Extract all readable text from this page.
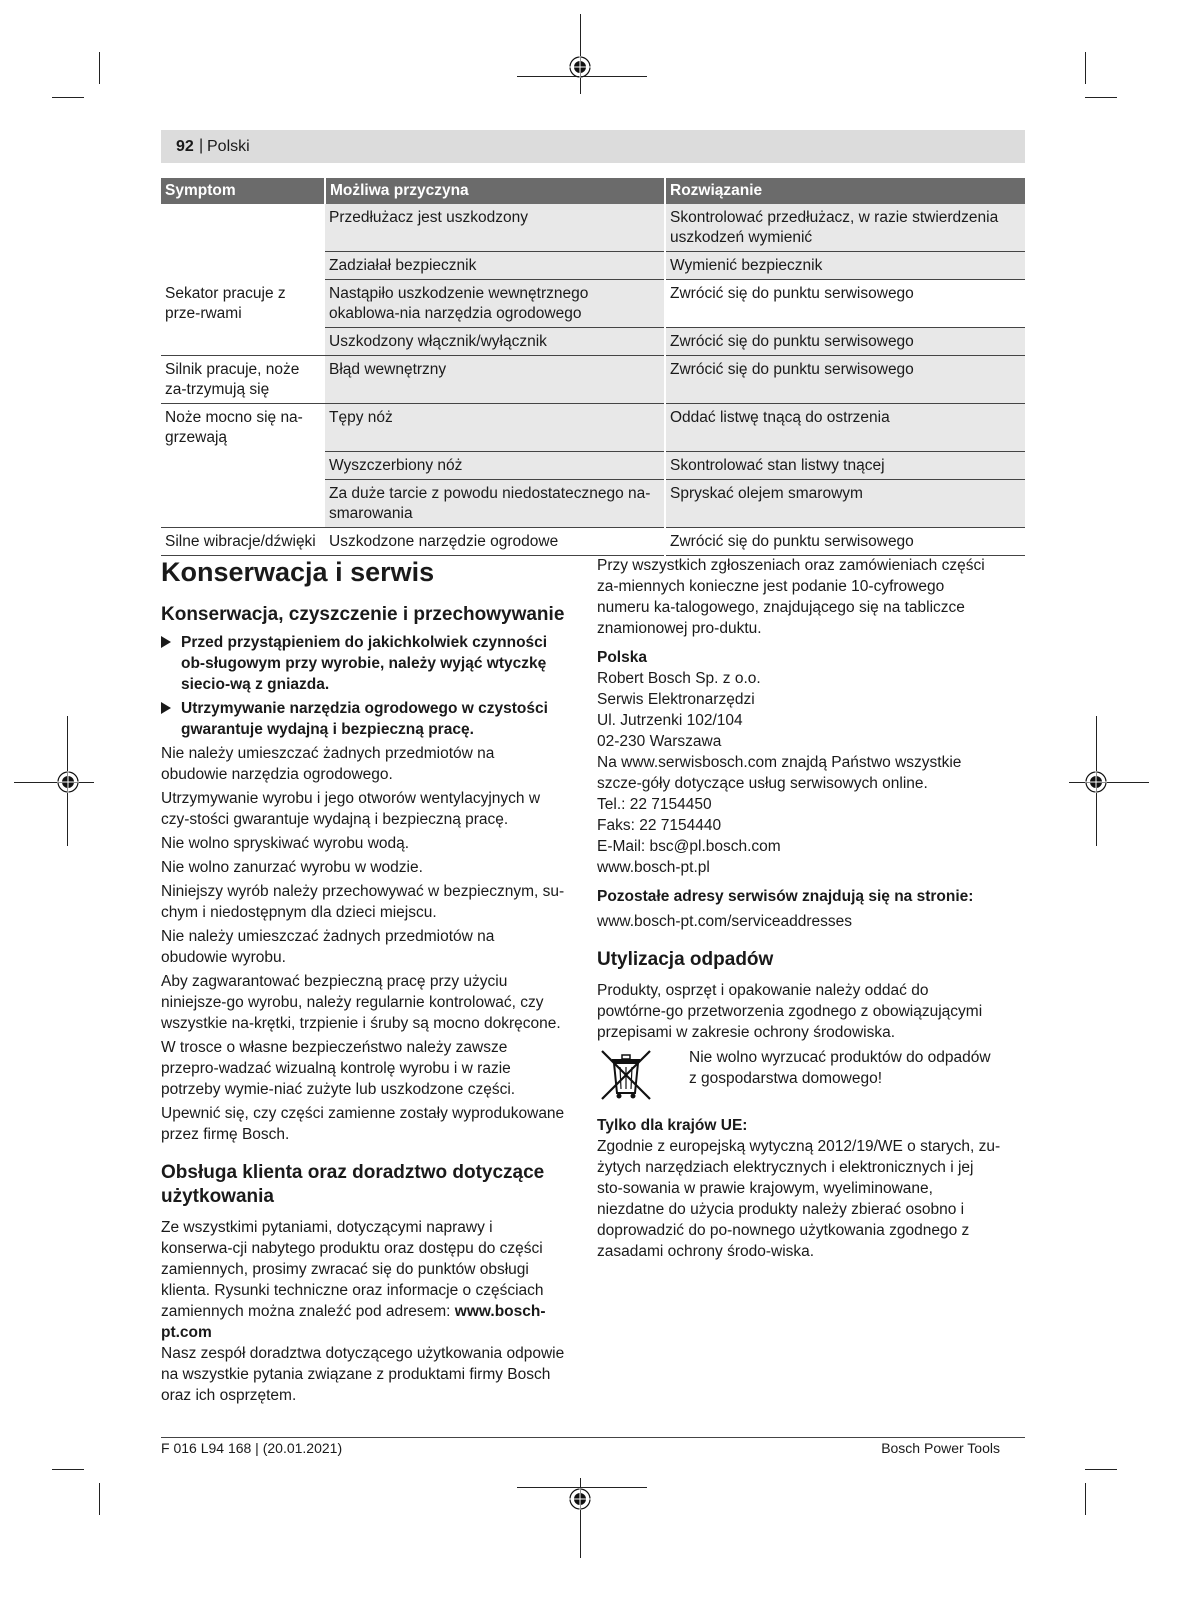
92 | Polski
Symptom	Możliwa przyczyna	Rozwiązanie
	Przedłużacz jest uszkodzony	Skontrolować przedłużacz, w razie stwierdzenia uszkodzeń wymienić
	Zadziałał bezpiecznik	Wymienić bezpiecznik
Sekator pracuje z prze-rwami	Nastąpiło uszkodzenie wewnętrznego okablowa-nia narzędzia ogrodowego	Zwrócić się do punktu serwisowego
	Uszkodzony włącznik/wyłącznik	Zwrócić się do punktu serwisowego
Silnik pracuje, noże za-trzymują się	Błąd wewnętrzny	Zwrócić się do punktu serwisowego
Noże mocno się na-grzewają	Tępy nóż	Oddać listwę tnącą do ostrzenia
	Wyszczerbiony nóż	Skontrolować stan listwy tnącej
	Za duże tarcie z powodu niedostatecznego na-smarowania	Spryskać olejem smarowym
Silne wibracje/dźwięki	Uszkodzone narzędzie ogrodowe	Zwrócić się do punktu serwisowego
Konserwacja i serwis
Konserwacja, czyszczenie i przechowywanie
Przed przystąpieniem do jakichkolwiek czynności ob-sługowym przy wyrobie, należy wyjąć wtyczkę siecio-wą z gniazda.
Utrzymywanie narzędzia ogrodowego w czystości gwarantuje wydajną i bezpieczną pracę.

Nie należy umieszczać żadnych przedmiotów na obudowie narzędzia ogrodowego.

Utrzymywanie wyrobu i jego otworów wentylacyjnych w czy-stości gwarantuje wydajną i bezpieczną pracę.

Nie wolno spryskiwać wyrobu wodą.

Nie wolno zanurzać wyrobu w wodzie.

Niniejszy wyrób należy przechowywać w bezpiecznym, su-chym i niedostępnym dla dzieci miejscu.

Nie należy umieszczać żadnych przedmiotów na obudowie wyrobu.

Aby zagwarantować bezpieczną pracę przy użyciu niniejsze-go wyrobu, należy regularnie kontrolować, czy wszystkie na-krętki, trzpienie i śruby są mocno dokręcone.

W trosce o własne bezpieczeństwo należy zawsze przepro-wadzać wizualną kontrolę wyrobu i w razie potrzeby wymie-niać zużyte lub uszkodzone części.

Upewnić się, czy części zamienne zostały wyprodukowane przez firmę Bosch.

Obsługa klienta oraz doradztwo dotyczące użytkowania

Ze wszystkimi pytaniami, dotyczącymi naprawy i konserwa-cji nabytego produktu oraz dostępu do części zamiennych, prosimy zwracać się do punktów obsługi klienta. Rysunki techniczne oraz informacje o częściach zamiennych można znaleźć pod adresem: www.bosch-pt.com

Nasz zespół doradztwa dotyczącego użytkowania odpowie na wszystkie pytania związane z produktami firmy Bosch oraz ich osprzętem.

Przy wszystkich zgłoszeniach oraz zamówieniach części za-miennych konieczne jest podanie 10-cyfrowego numeru ka-talogowego, znajdującego się na tabliczce znamionowej pro-duktu.

Polska
Robert Bosch Sp. z o.o.
Serwis Elektronarzędzi
Ul. Jutrzenki 102/104
02-230 Warszawa
Na www.serwisbosch.com znajdą Państwo wszystkie szcze-góły dotyczące usług serwisowych online.
Tel.: 22 7154450
Faks: 22 7154440
E-Mail: bsc@pl.bosch.com
www.bosch-pt.pl
Pozostałe adresy serwisów znajdują się na stronie:
www.bosch-pt.com/serviceaddresses
Utylizacja odpadów

Produkty, osprzęt i opakowanie należy oddać do powtórne-go przetworzenia zgodnego z obowiązującymi przepisami w zakresie ochrony środowiska.

Nie wolno wyrzucać produktów do odpadów z gospodarstwa domowego!
Tylko dla krajów UE:

Zgodnie z europejską wytyczną 2012/19/WE o starych, zu-żytych narzędziach elektrycznych i elektronicznych i jej sto-sowania w prawie krajowym, wyeliminowane, niezdatne do użycia produkty należy zbierać osobno i doprowadzić do po-nownego użytkowania zgodnego z zasadami ochrony środo-wiska.

F 016 L94 168 | (20.01.2021)	Bosch Power Tools
